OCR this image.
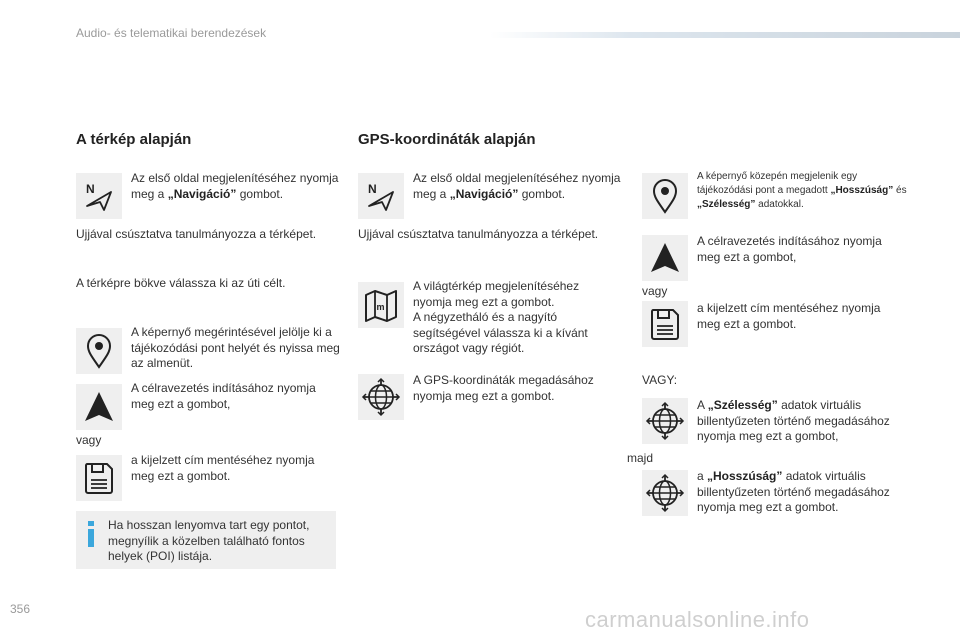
Audio- és telematikai berendezések
A térkép alapján
Az első oldal megjelenítéséhez nyomja meg a „Navigáció” gombot.
Ujjával csúsztatva tanulmányozza a térképet.
A térképre bökve válassza ki az úti célt.
A képernyő megérintésével jelölje ki a tájékozódási pont helyét és nyissa meg az almenüt.
A célravezetés indításához nyomja meg ezt a gombot,
vagy
a kijelzett cím mentéséhez nyomja meg ezt a gombot.
Ha hosszan lenyomva tart egy pontot, megnyílik a közelben található fontos helyek (POI) listája.
GPS-koordináták alapján
Az első oldal megjelenítéséhez nyomja meg a „Navigáció” gombot.
Ujjával csúsztatva tanulmányozza a térképet.
A világtérkép megjelenítéséhez nyomja meg ezt a gombot.
A négyzetháló és a nagyító segítségével válassza ki a kívánt országot vagy régiót.
A GPS-koordináták megadásához nyomja meg ezt a gombot.
A képernyő közepén megjelenik egy tájékozódási pont a megadott „Hosszúság” és „Szélesség” adatokkal.
A célravezetés indításához nyomja meg ezt a gombot,
vagy
a kijelzett cím mentéséhez nyomja meg ezt a gombot.
VAGY:
A „Szélesség” adatok virtuális billentyűzeten történő megadásához nyomja meg ezt a gombot,
majd
a „Hosszúság” adatok virtuális billentyűzeten történő megadásához nyomja meg ezt a gombot.
356	carmanualsonline.info
